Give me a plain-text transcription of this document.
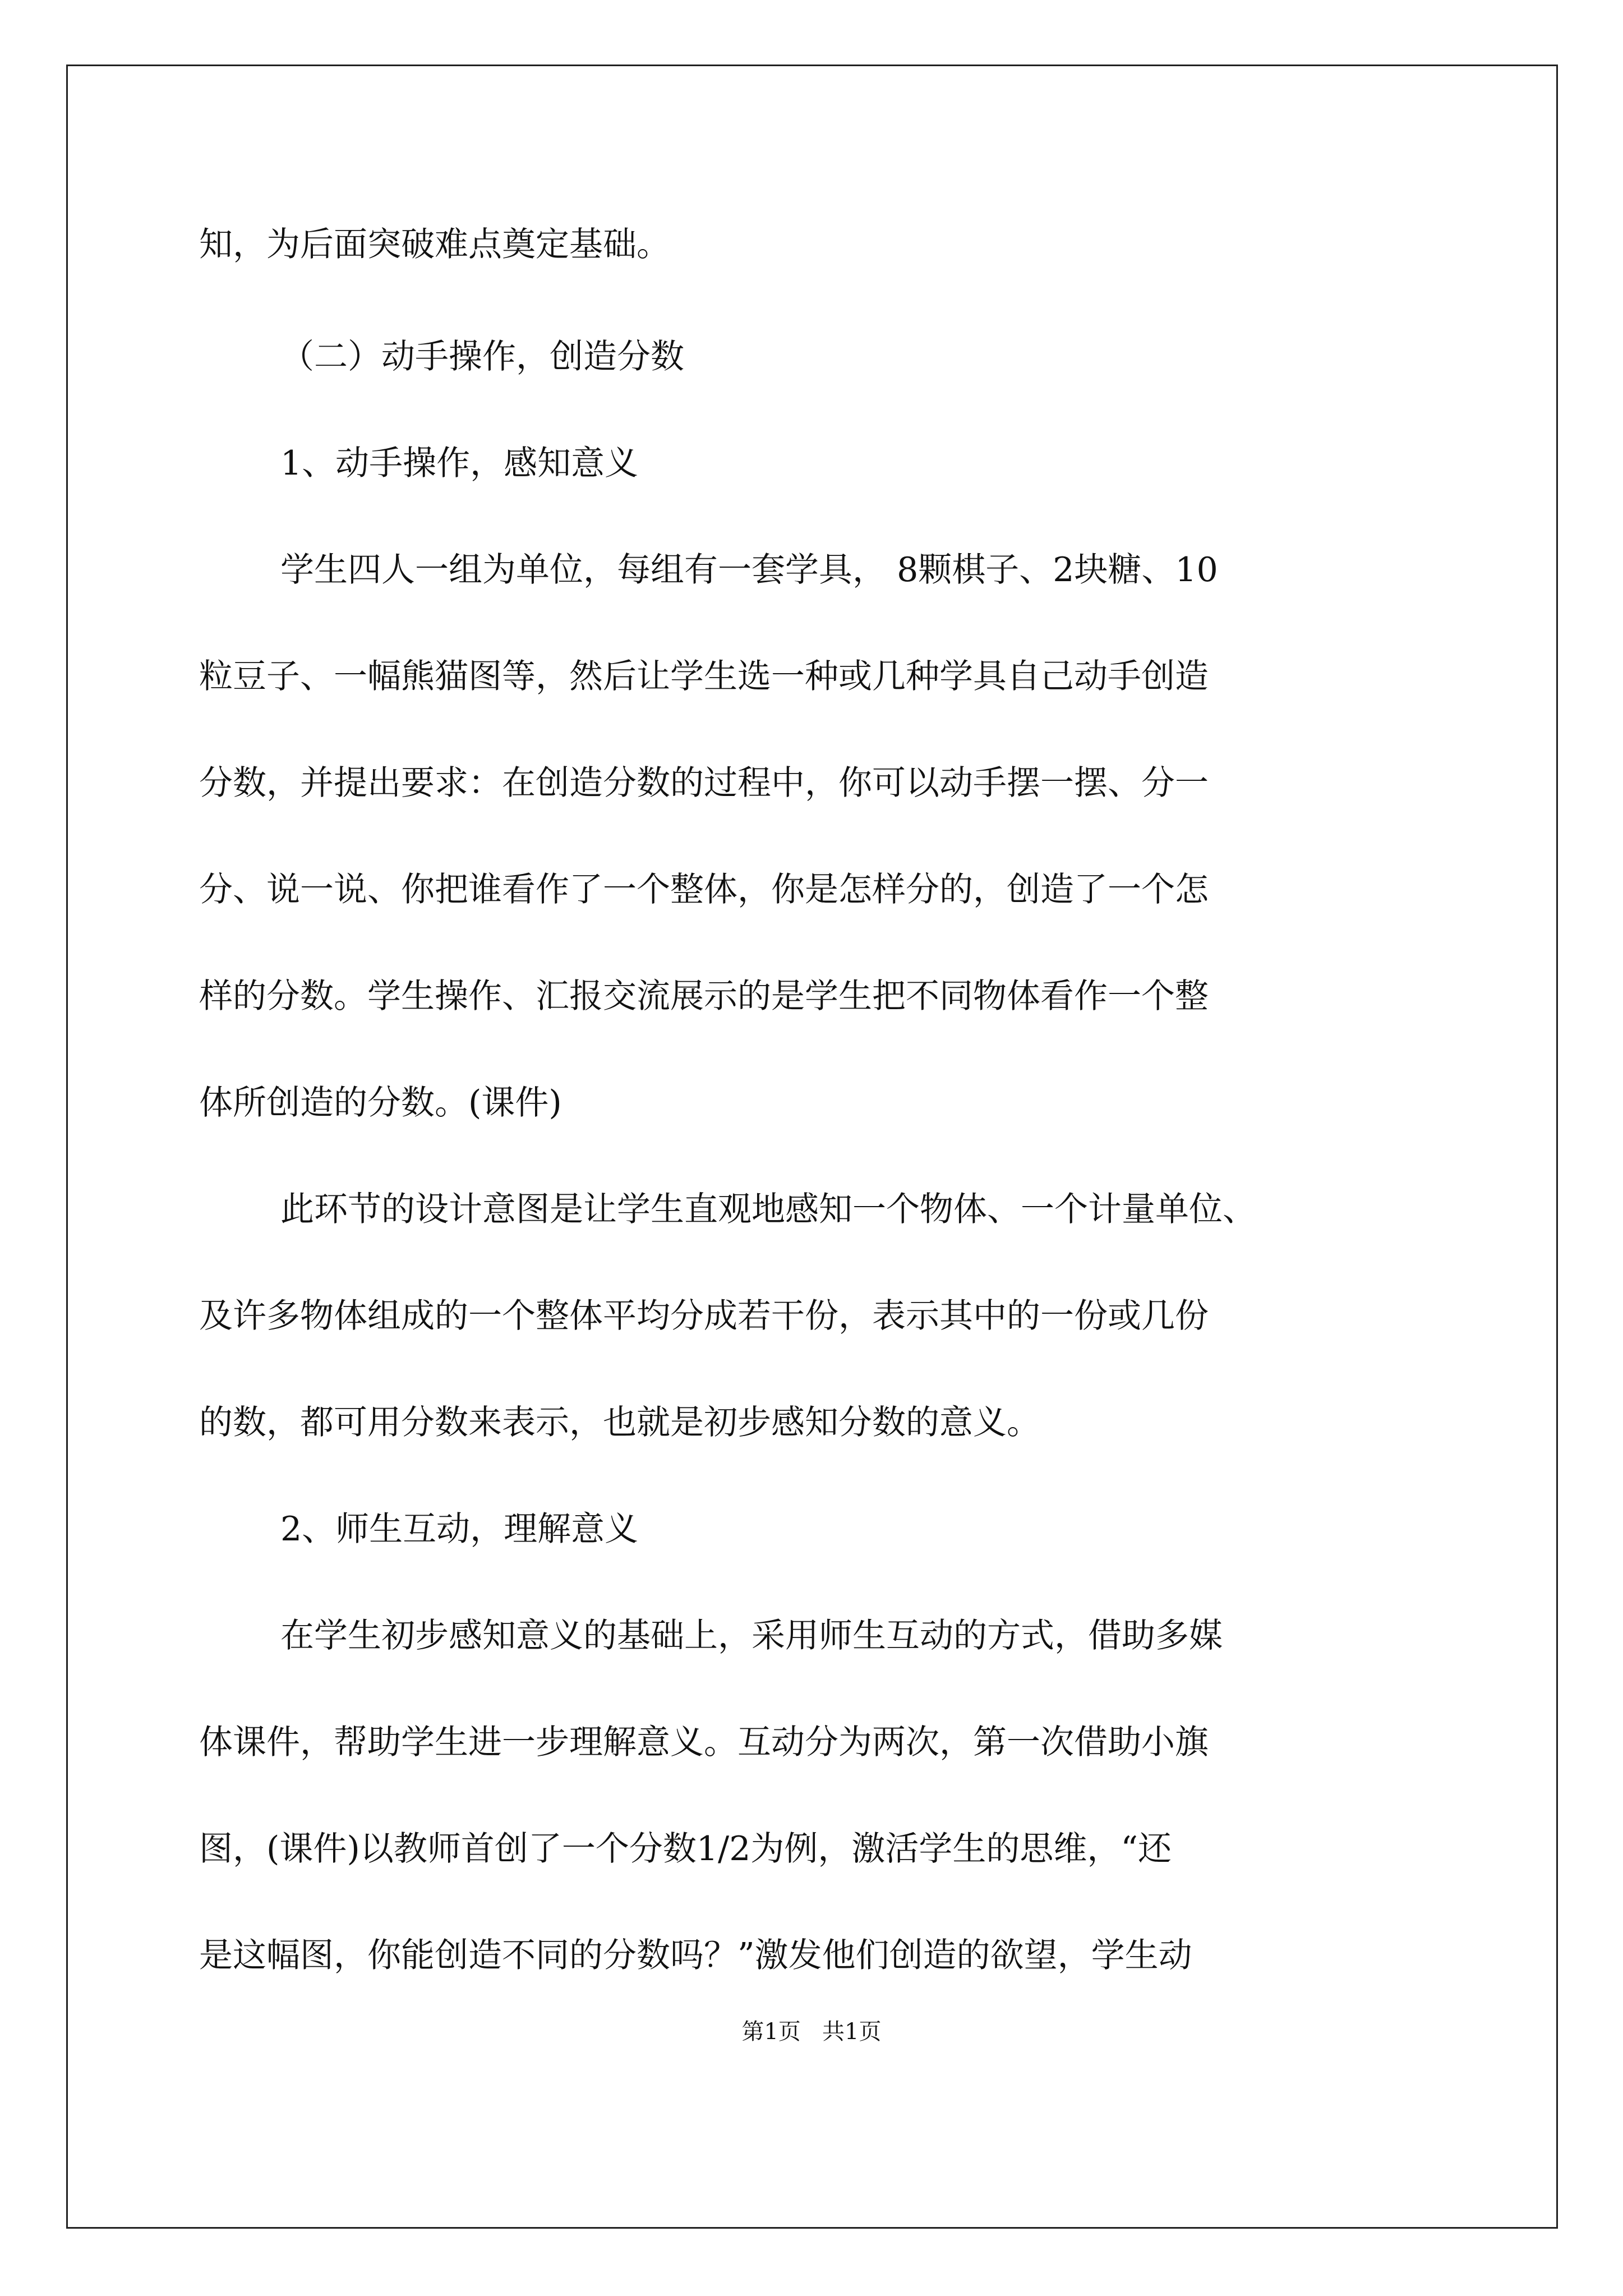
知，为后面突破难点奠定基础。
（二）动手操作，创造分数
1、动手操作，感知意义
学生四人一组为单位，每组有一套学具， 8颗棋子、2块糖、10
粒豆子、一幅熊猫图等，然后让学生选一种或几种学具自己动手创造
分数，并提出要求：在创造分数的过程中，你可以动手摆一摆、分一
分、说一说、你把谁看作了一个整体，你是怎样分的，创造了一个怎
样的分数。学生操作、汇报交流展示的是学生把不同物体看作一个整
体所创造的分数。(课件)
此环节的设计意图是让学生直观地感知一个物体、一个计量单位、
及许多物体组成的一个整体平均分成若干份，表示其中的一份或几份
的数，都可用分数来表示，也就是初步感知分数的意义。
2、师生互动，理解意义
在学生初步感知意义的基础上，采用师生互动的方式，借助多媒
体课件，帮助学生进一步理解意义。互动分为两次，第一次借助小旗
图，(课件)以教师首创了一个分数1/2为例，激活学生的思维，“还
是这幅图，你能创造不同的分数吗？”激发他们创造的欲望，学生动
第1页   共1页
